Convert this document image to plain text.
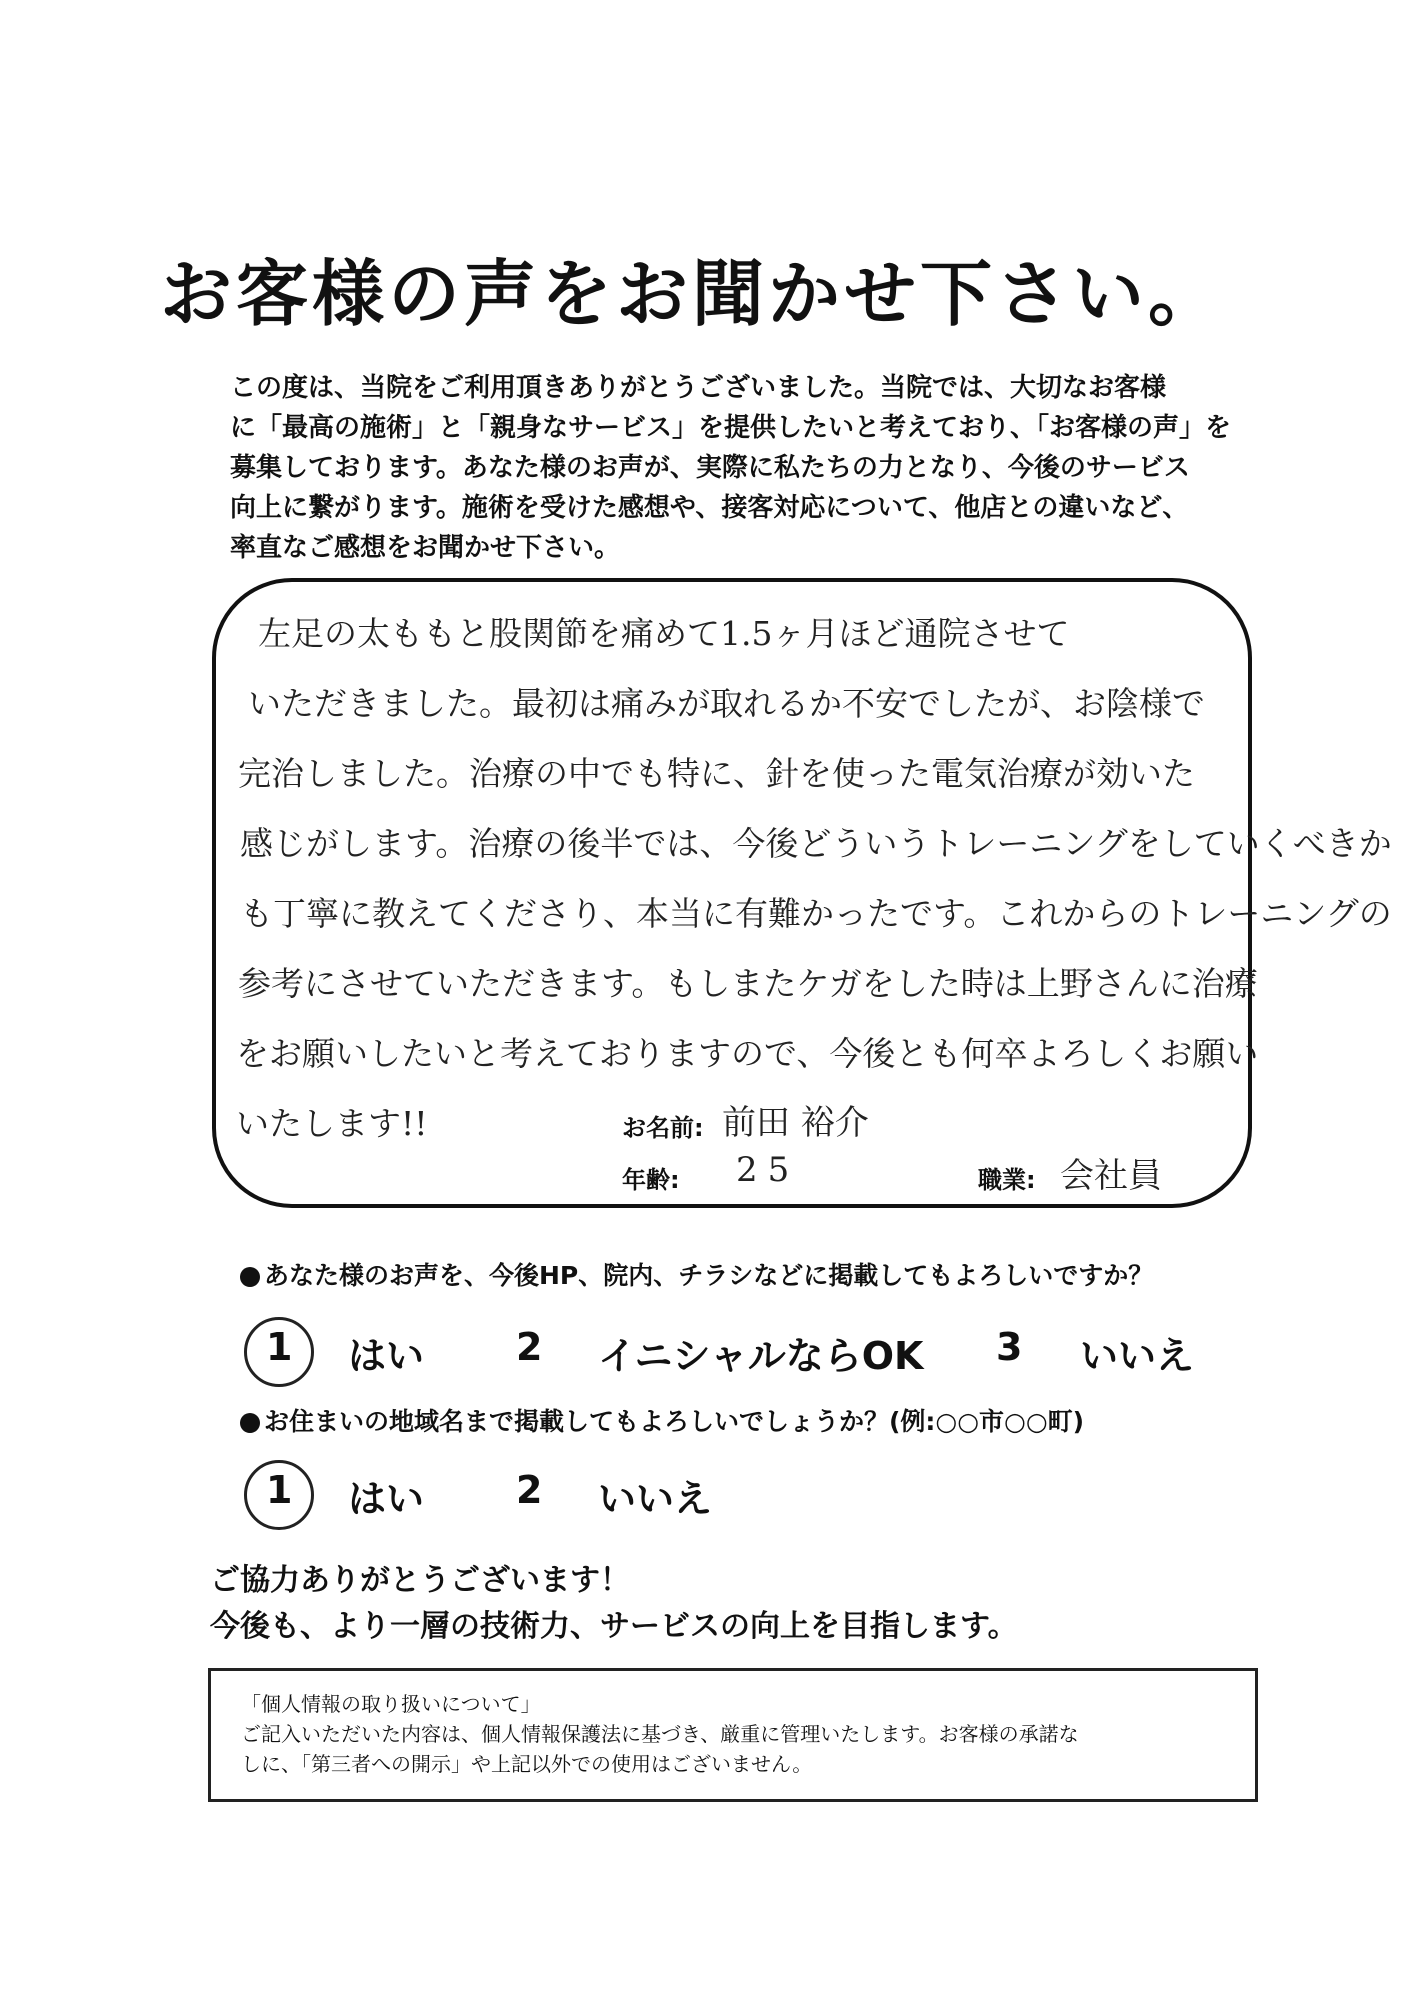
お客様の声をお聞かせ下さい。
この度は、当院をご利用頂きありがとうございました。当院では、大切なお客様
に「最高の施術」と「親身なサービス」を提供したいと考えており、「お客様の声」を
募集しております。あなた様のお声が、実際に私たちの力となり、今後のサービス
向上に繋がります。施術を受けた感想や、接客対応について、他店との違いなど、
率直なご感想をお聞かせ下さい。
左足の太ももと股関節を痛めて1.5ヶ月ほど通院させて
いただきました。最初は痛みが取れるか不安でしたが、お陰様で
完治しました。治療の中でも特に、針を使った電気治療が効いた
感じがします。治療の後半では、今後どういうトレーニングをしていくべきか
も丁寧に教えてくださり、本当に有難かったです。これからのトレーニングの
参考にさせていただきます。もしまたケガをした時は上野さんに治療
をお願いしたいと考えておりますので、今後とも何卒よろしくお願い
いたします!!	お名前: 前田 裕介
年齢: 25	職業: 会社員
あなた様のお声を、今後HP、院内、チラシなどに掲載してもよろしいですか？
1 はい 2 イニシャルならOK 3 いいえ
お住まいの地域名まで掲載してもよろしいでしょうか？(例:○○市○○町)
1 はい 2 いいえ
ご協力ありがとうございます！
今後も、より一層の技術力、サービスの向上を目指します。
「個人情報の取り扱いについて」
ご記入いただいた内容は、個人情報保護法に基づき、厳重に管理いたします。お客様の承諾な
しに、「第三者への開示」や上記以外での使用はございません。
